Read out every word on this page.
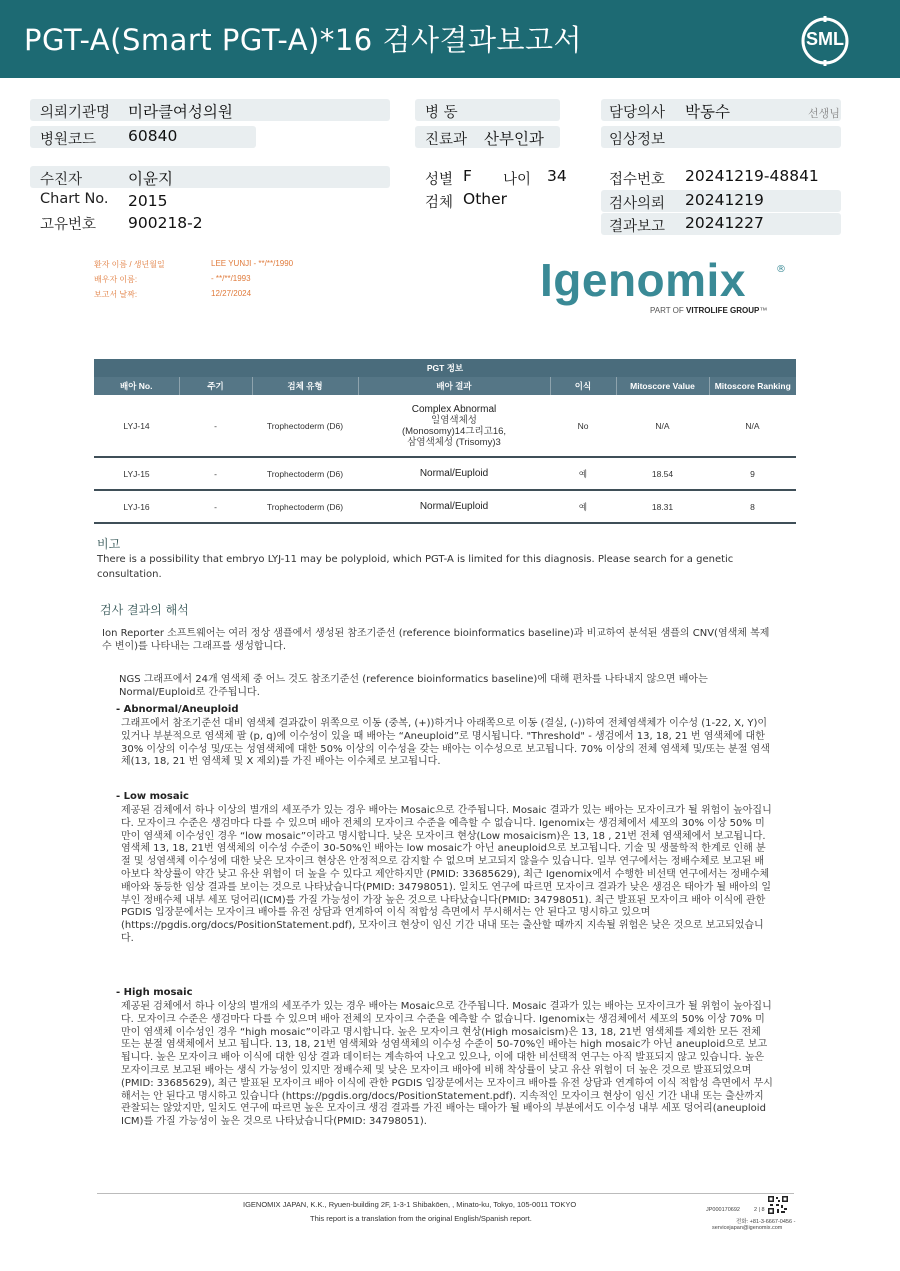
PGT-A(Smart PGT-A)*16 검사결과보고서	SML
의뢰기관명 미라클여성의원
병원코드 60840
병 동
진료과 산부인과
담당의사 박동수	선생님
임상정보
수진자	이윤지
Chart No. 2015
고유번호 900218-2
성별 F 나이 34
검체 Other
접수번호 20241219-48841
검사의뢰 20241219
결과보고 20241227
환자 이름 / 생년월일	LEE YUNJI - **/**/1990
배우자 이름:	- **/**/1993
보고서 날짜:	12/27/2024	Igenomix	®
PART OF VITROLIFE GROUP™
PGT 정보						
배아 No.	주기	검체 유형	배아 결과	이식	Mitoscore Value	Mitoscore Ranking
LYJ-14	-	Trophectoderm (D6)	Complex Abnormal
일염색체성
(Monosomy)14그리고16,
삼염색체성 (Trisomy)3	No	N/A	N/A
LYJ-15	-	Trophectoderm (D6)	Normal/Euploid	예	18.54	9
LYJ-16	-	Trophectoderm (D6)	Normal/Euploid	예	18.31	8
비고
There is a possibility that embryo LYJ-11 may be polyploid, which PGT-A is limited for this diagnosis. Please search for a genetic consultation.
검사 결과의 해석
Ion Reporter 소프트웨어는 여러 정상 샘플에서 생성된 참조기준선 (reference bioinformatics baseline)과 비교하여 분석된 샘플의 CNV(염색체 복제 수 변이)를 나타내는 그래프를 생성합니다.
NGS 그래프에서 24개 염색체 중 어느 것도 참조기준선 (reference bioinformatics baseline)에 대해 편차를 나타내지 않으면 배아는 Normal/Euploid로 간주됩니다.
- Abnormal/Aneuploid
그래프에서 참조기준선 대비 염색체 결과값이 위쪽으로 이동 (중복, (+))하거나 아래쪽으로 이동 (결실, (-))하여 전체염색체가 이수성 (1-22, X, Y)이 있거나 부분적으로 염색체 팔 (p, q)에 이수성이 있을 때 배아는 “Aneuploid”로 명시됩니다. "Threshold" - 생검에서 13, 18, 21 번 염색체에 대한 30% 이상의 이수성 및/또는 성염색체에 대한 50% 이상의 이수성을 갖는 배아는 이수성으로 보고됩니다. 70% 이상의 전체 염색체 및/또는 분절 염색체(13, 18, 21 번 염색체 및 X 제외)를 가진 배아는 이수체로 보고됩니다.
- Low mosaic
제공된 검체에서 하나 이상의 별개의 세포주가 있는 경우 배아는 Mosaic으로 간주됩니다. Mosaic 결과가 있는 배아는 모자이크가 될 위험이 높아집니다. 모자이크 수준은 생검마다 다를 수 있으며 배아 전체의 모자이크 수준을 예측할 수 없습니다. Igenomix는 생검체에서 세포의 30% 이상 50% 미만이 염색체 이수성인 경우 “low mosaic”이라고 명시합니다. 낮은 모자이크 현상(Low mosaicism)은 13, 18 , 21번 전체 염색체에서 보고됩니다. 염색체 13, 18, 21번 염색체의 이수성 수준이 30-50%인 배아는 low mosaic가 아닌 aneuploid으로 보고됩니다. 기술 및 생물학적 한계로 인해 분절 및 성염색체 이수성에 대한 낮은 모자이크 현상은 안정적으로 감지할 수 없으며 보고되지 않을수 있습니다. 일부 연구에서는 정배수체로 보고된 배아보다 착상률이 약간 낮고 유산 위험이 더 높을 수 있다고 제안하지만 (PMID: 33685629), 최근 Igenomix에서 수행한 비선택 연구에서는 정배수체 배아와 동등한 임상 결과를 보이는 것으로 나타났습니다(PMID: 34798051). 일치도 연구에 따르면 모자이크 결과가 낮은 생검은 태아가 될 배아의 일부인 정배수체 내부 세포 덩어리(ICM)를 가질 가능성이 가장 높은 것으로 나타났습니다(PMID: 34798051). 최근 발표된 모자이크 배아 이식에 관한 PGDIS 입장문에서는 모자이크 배아를 유전 상담과 연계하여 이식 적합성 측면에서 무시해서는 안 된다고 명시하고 있으며 (https://pgdis.org/docs/PositionStatement.pdf), 모자이크 현상이 임신 기간 내내 또는 출산할 때까지 지속될 위험은 낮은 것으로 보고되었습니다.
- High mosaic
제공된 검체에서 하나 이상의 별개의 세포주가 있는 경우 배아는 Mosaic으로 간주됩니다. Mosaic 결과가 있는 배아는 모자이크가 될 위험이 높아집니다. 모자이크 수준은 생검마다 다를 수 있으며 배아 전체의 모자이크 수준을 예측할 수 없습니다. Igenomix는 생검체에서 세포의 50% 이상 70% 미만이 염색체 이수성인 경우 “high mosaic”이라고 명시합니다. 높은 모자이크 현상(High mosaicism)은 13, 18, 21번 염색체를 제외한 모든 전체 또는 분절 염색체에서 보고 됩니다. 13, 18, 21번 염색체와 성염색체의 이수성 수준이 50-70%인 배아는 high mosaic가 아닌 aneuploid으로 보고됩니다. 높은 모자이크 배아 이식에 대한 임상 결과 데이터는 계속하여 나오고 있으나, 이에 대한 비선택적 연구는 아직 발표되지 않고 있습니다. 높은 모자이크로 보고된 배아는 생식 가능성이 있지만 정배수체 및 낮은 모자이크 배아에 비해 착상률이 낮고 유산 위험이 더 높은 것으로 발표되었으며 (PMID: 33685629), 최근 발표된 모자이크 배아 이식에 관한 PGDIS 입장문에서는 모자이크 배아를 유전 상담과 연계하여 이식 적합성 측면에서 무시해서는 안 된다고 명시하고 있습니다 (https://pgdis.org/docs/PositionStatement.pdf). 지속적인 모자이크 현상이 임신 기간 내내 또는 출산까지 관찰되는 않았지만, 일치도 연구에 따르면 높은 모자이크 생검 결과를 가진 배아는 태아가 될 배아의 부분에서도 이수성 내부 세포 덩어리(aneuploid ICM)를 가질 가능성이 높은 것으로 나타났습니다(PMID: 34798051).
IGENOMIX JAPAN, K.K., Ryuen-building 2F, 1-3-1 Shibakōen, , Minato-ku, Tokyo, 105-0011 TOKYO
This report is a translation from the original English/Spanish report.
JP000170692	2 | 8
전화: +81-3-6667-0456 -
servicejapan@igenomix.com
